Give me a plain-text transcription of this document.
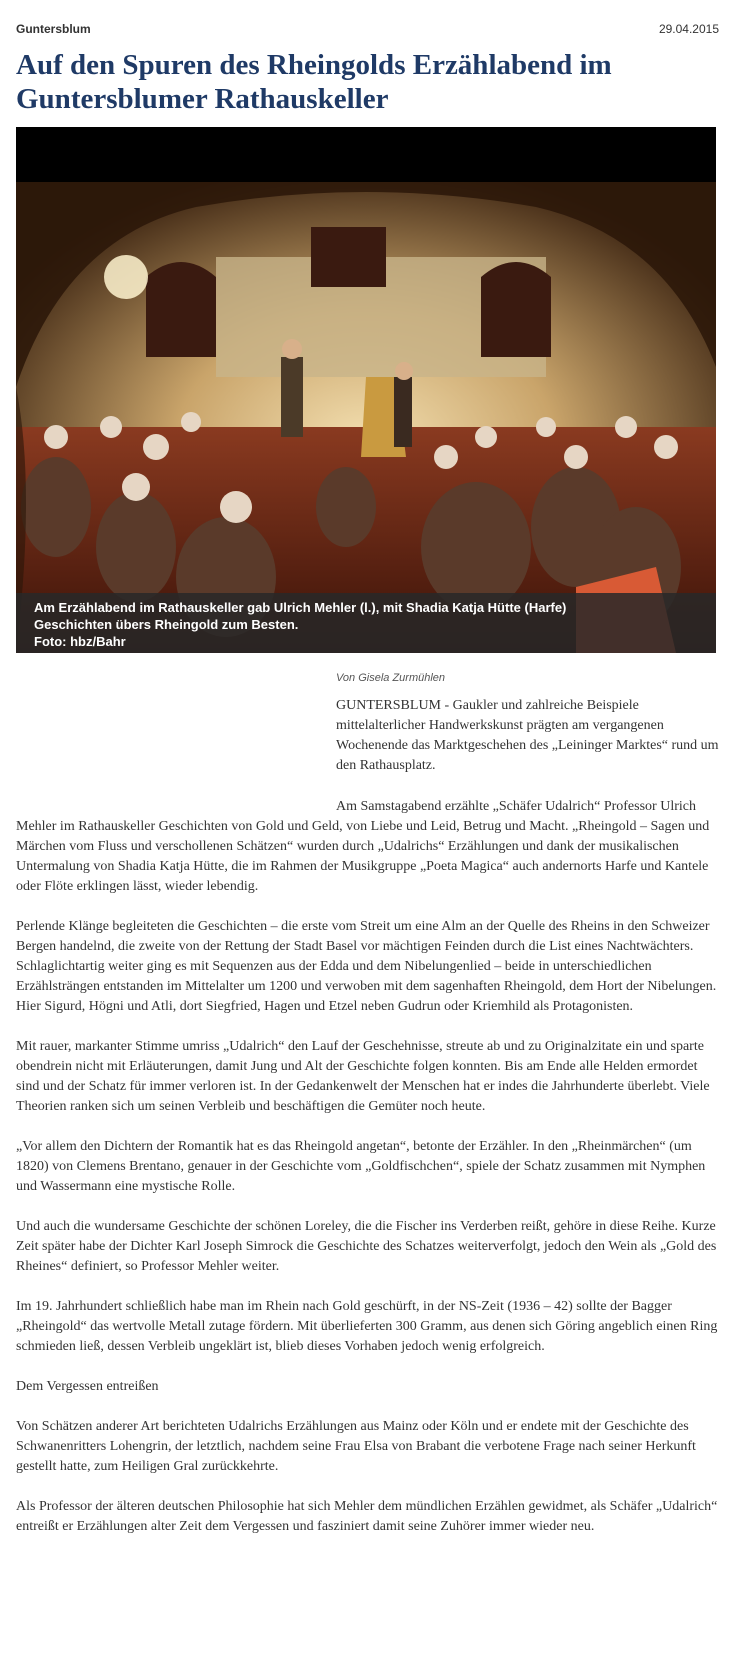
Guntersblum	29.04.2015
Auf den Spuren des Rheingolds Erzählabend im Guntersblumer Rathauskeller
Am Erzählabend im Rathauskeller gab Ulrich Mehler (l.), mit Shadia Katja Hütte (Harfe)
Geschichten übers Rheingold zum Besten.
Foto: hbz/Bahr
Von Gisela Zurmühlen
GUNTERSBLUM - Gaukler und zahlreiche Beispiele mittelalterlicher Handwerkskunst prägten am vergangenen Wochenende das Marktgeschehen des „Leininger Marktes“ rund um den Rathausplatz.

Am Samstagabend erzählte „Schäfer Udalrich“ Professor Ulrich Mehler im Rathauskeller Geschichten von Gold und Geld, von Liebe und Leid, Betrug und Macht. „Rheingold – Sagen und Märchen vom Fluss und verschollenen Schätzen“ wurden durch „Udalrichs“ Erzählungen und dank der musikalischen Untermalung von Shadia Katja Hütte, die im Rahmen der Musikgruppe „Poeta Magica“ auch andernorts Harfe und Kantele oder Flöte erklingen lässt, wieder lebendig.

Perlende Klänge begleiteten die Geschichten – die erste vom Streit um eine Alm an der Quelle des Rheins in den Schweizer Bergen handelnd, die zweite von der Rettung der Stadt Basel vor mächtigen Feinden durch die List eines Nachtwächters. Schlaglichtartig weiter ging es mit Sequenzen aus der Edda und dem Nibelungenlied – beide in unterschiedlichen Erzählsträngen entstanden im Mittelalter um 1200 und verwoben mit dem sagenhaften Rheingold, dem Hort der Nibelungen. Hier Sigurd, Högni und Atli, dort Siegfried, Hagen und Etzel neben Gudrun oder Kriemhild als Protagonisten.

Mit rauer, markanter Stimme umriss „Udalrich“ den Lauf der Geschehnisse, streute ab und zu Originalzitate ein und sparte obendrein nicht mit Erläuterungen, damit Jung und Alt der Geschichte folgen konnten. Bis am Ende alle Helden ermordet sind und der Schatz für immer verloren ist. In der Gedankenwelt der Menschen hat er indes die Jahrhunderte überlebt. Viele Theorien ranken sich um seinen Verbleib und beschäftigen die Gemüter noch heute.

„Vor allem den Dichtern der Romantik hat es das Rheingold angetan“, betonte der Erzähler. In den „Rheinmärchen“ (um 1820) von Clemens Brentano, genauer in der Geschichte vom „Goldfischchen“, spiele der Schatz zusammen mit Nymphen und Wassermann eine mystische Rolle.

Und auch die wundersame Geschichte der schönen Loreley, die die Fischer ins Verderben reißt, gehöre in diese Reihe. Kurze Zeit später habe der Dichter Karl Joseph Simrock die Geschichte des Schatzes weiterverfolgt, jedoch den Wein als „Gold des Rheines“ definiert, so Professor Mehler weiter.

Im 19. Jahrhundert schließlich habe man im Rhein nach Gold geschürft, in der NS-Zeit (1936 – 42) sollte der Bagger „Rheingold“ das wertvolle Metall zutage fördern. Mit überlieferten 300 Gramm, aus denen sich Göring angeblich einen Ring schmieden ließ, dessen Verbleib ungeklärt ist, blieb dieses Vorhaben jedoch wenig erfolgreich.

Dem Vergessen entreißen

Von Schätzen anderer Art berichteten Udalrichs Erzählungen aus Mainz oder Köln und er endete mit der Geschichte des Schwanenritters Lohengrin, der letztlich, nachdem seine Frau Elsa von Brabant die verbotene Frage nach seiner Herkunft gestellt hatte, zum Heiligen Gral zurückkehrte.

Als Professor der älteren deutschen Philosophie hat sich Mehler dem mündlichen Erzählen gewidmet, als Schäfer „Udalrich“ entreißt er Erzählungen alter Zeit dem Vergessen und fasziniert damit seine Zuhörer immer wieder neu.
